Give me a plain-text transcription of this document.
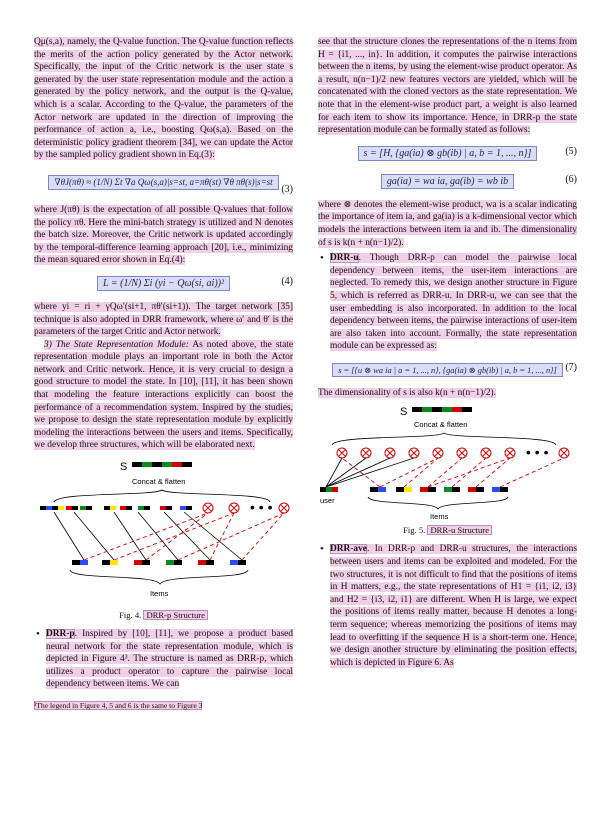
Qμ(s,a), namely, the Q-value function. The Q-value function reflects the merits of the action policy generated by the Actor network. Specifically, the input of the Critic network is the user state s generated by the user state representation module and the action a generated by the policy network, and the output is the Q-value, which is a scalar. According to the Q-value, the parameters of the Actor network are updated in the direction of improving the performance of action a, i.e., boosting Qω(s,a). Based on the deterministic policy gradient theorem [34], we can update the Actor by the sampled policy gradient shown in Eq.(3):

∇θJ(πθ) ≈ (1/N) Σt ∇a Qω(s,a)|s=st, a=πθ(st) ∇θ πθ(s)|s=st
(3)

where J(πθ) is the expectation of all possible Q-values that follow the policy πθ. Here the mini-batch strategy is utilized and N denotes the batch size. Moreover, the Critic network is updated accordingly by the temporal-difference learning approach [20], i.e., minimizing the mean squared error shown in Eq.(4):

L = (1/N) Σi (yi − Qω(si, ai))²	(4)

where yi = ri + γQω′(si+1, πθ′(si+1)). The target network [35] technique is also adopted in DRR framework, where ω′ and θ′ is the parameters of the target Critic and Actor network.

3) The State Representation Module: As noted above, the state representation module plays an important role in both the Actor network and Critic network. Hence, it is very crucial to design a good structure to model the state. In [10], [11], it has been shown that modeling the feature interactions explicitly can boost the performance of a recommendation system. Inspired by the studies, we propose to design the state representation module by explicitly modeling the interactions between the users and items. Specifically, we develop three structures, which will be elaborated next.

S
Concat & flatten
• • •
Items
Fig. 4. DRR-p Structure

• DRR-p. Inspired by [10], [11], we propose a product based neural network for the state representation module, which is depicted in Figure 4³. The structure is named as DRR-p, which utilizes a product operator to capture the pairwise local dependency between items. We can

³The legend in Figure 4, 5 and 6 is the same to Figure 3

see that the structure clones the representations of the n items from H = {i1, ..., in}. In addition, it computes the pairwise interactions between the n items, by using the element-wise product operator. As a result, n(n−1)/2 new features vectors are yielded, which will be concatenated with the cloned vectors as the state representation. We note that in the element-wise product part, a weight is also learned for each item to show its importance. Hence, in DRR-p the state representation module can be formally stated as follows:

s = [H, {ga(ia) ⊗ gb(ib) | a, b = 1, ..., n}]	(5)
ga(ia) = wa ia, ga(ib) = wb ib	(6)

where ⊗ denotes the element-wise product, wa is a scalar indicating the importance of item ia, and ga(ia) is a k-dimensional vector which models the interactions between item ia and ib. The dimensionality of s is k(n + n(n−1)/2).

• DRR-u. Though DRR-p can model the pairwise local dependency between items, the user-item interactions are neglected. To remedy this, we design another structure in Figure 5, which is referred as DRR-u. In DRR-u, we can see that the user embedding is also incorporated. In addition to the local dependency between items, the pairwise interactions of user-item are also taken into account. Formally, the state representation module can be expressed as:

s = [{u ⊗ wa ia | a = 1, ..., n}, {ga(ia) ⊗ gb(ib) | a, b = 1, ..., n}] (7)

The dimensionality of s is also k(n + n(n−1)/2).

S
Concat & flatten
• • •
user
Items
Fig. 5. DRR-u Structure

• DRR-ave. In DRR-p and DRR-u structures, the interactions between users and items can be exploited and modeled. For the two structures, it is not difficult to find that the positions of items in H matters, e.g., the state representations of H1 = {i1, i2, i3} and H2 = {i3, i2, i1} are different. When H is large, we expect the positions of items really matter, because H denotes a long-term sequence; whereas memorizing the positions of items may lead to overfitting if the sequence H is a short-term one. Hence, we design another structure by eliminating the position effects, which is depicted in Figure 6. As
